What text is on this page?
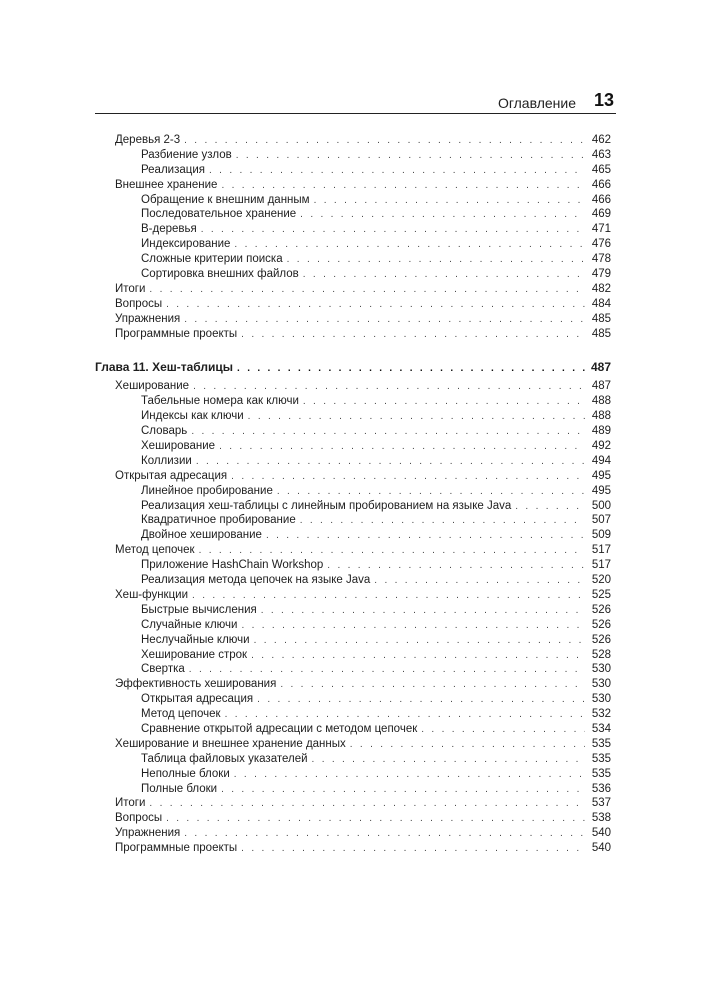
Оглавление 13
Деревья 2-3 . . .	462
Разбиение узлов . . .	463
Реализация . . .	465
Внешнее хранение . . .	466
Обращение к внешним данным . . .	466
Последовательное хранение . . .	469
B-деревья . . .	471
Индексирование . . .	476
Сложные критерии поиска . . .	478
Сортировка внешних файлов . . .	479
Итоги . . .	482
Вопросы . . .	484
Упражнения . . .	485
Программные проекты . . .	485
Глава 11. Хеш-таблицы . . .	487
Хеширование . . .	487
Табельные номера как ключи . . .	488
Индексы как ключи . . .	488
Словарь . . .	489
Хеширование . . .	492
Коллизии . . .	494
Открытая адресация . . .	495
Линейное пробирование . . .	495
Реализация хеш-таблицы с линейным пробированием на языке Java . . .	500
Квадратичное пробирование . . .	507
Двойное хеширование . . .	509
Метод цепочек . . .	517
Приложение HashChain Workshop . . .	517
Реализация метода цепочек на языке Java . . .	520
Хеш-функции . . .	525
Быстрые вычисления . . .	526
Случайные ключи . . .	526
Неслучайные ключи . . .	526
Хеширование строк . . .	528
Свертка . . .	530
Эффективность хеширования . . .	530
Открытая адресация . . .	530
Метод цепочек . . .	532
Сравнение открытой адресации с методом цепочек . . .	534
Хеширование и внешнее хранение данных . . .	535
Таблица файловых указателей . . .	535
Неполные блоки . . .	535
Полные блоки . . .	536
Итоги . . .	537
Вопросы . . .	538
Упражнения . . .	540
Программные проекты . . .	540
